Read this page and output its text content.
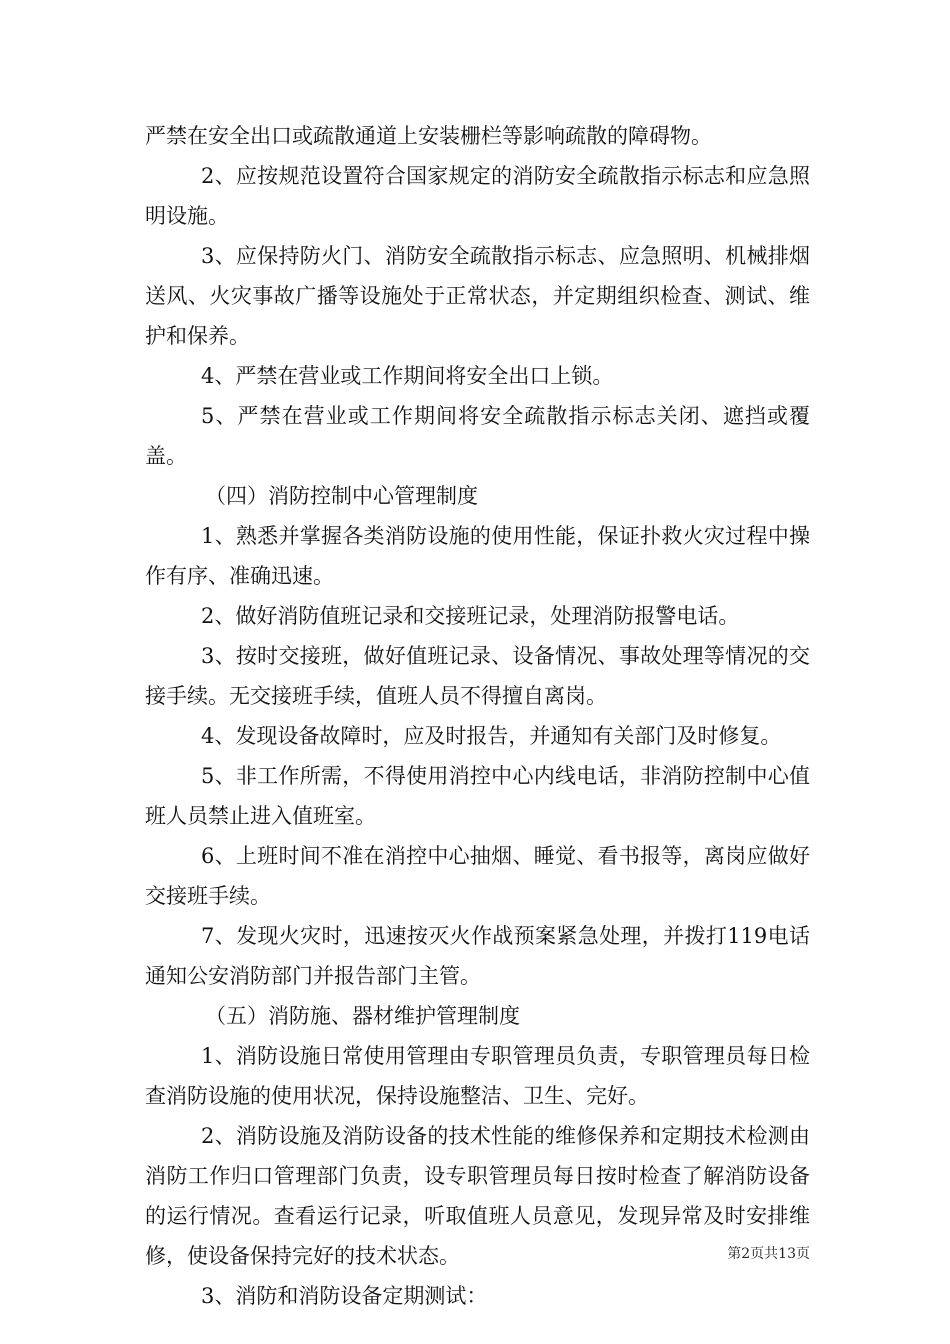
严禁在安全出口或疏散通道上安装栅栏等影响疏散的障碍物。

2、应按规范设置符合国家规定的消防安全疏散指示标志和应急照明设施。

3、应保持防火门、消防安全疏散指示标志、应急照明、机械排烟送风、火灾事故广播等设施处于正常状态，并定期组织检查、测试、维护和保养。

4、严禁在营业或工作期间将安全出口上锁。

5、严禁在营业或工作期间将安全疏散指示标志关闭、遮挡或覆盖。

（四）消防控制中心管理制度

1、熟悉并掌握各类消防设施的使用性能，保证扑救火灾过程中操作有序、准确迅速。

2、做好消防值班记录和交接班记录，处理消防报警电话。

3、按时交接班，做好值班记录、设备情况、事故处理等情况的交接手续。无交接班手续，值班人员不得擅自离岗。

4、发现设备故障时，应及时报告，并通知有关部门及时修复。

5、非工作所需，不得使用消控中心内线电话，非消防控制中心值班人员禁止进入值班室。

6、上班时间不准在消控中心抽烟、睡觉、看书报等，离岗应做好交接班手续。

7、发现火灾时，迅速按灭火作战预案紧急处理，并拨打119电话通知公安消防部门并报告部门主管。

（五）消防施、器材维护管理制度

1、消防设施日常使用管理由专职管理员负责，专职管理员每日检查消防设施的使用状况，保持设施整洁、卫生、完好。

2、消防设施及消防设备的技术性能的维修保养和定期技术检测由消防工作归口管理部门负责，设专职管理员每日按时检查了解消防设备的运行情况。查看运行记录，听取值班人员意见，发现异常及时安排维修，使设备保持完好的技术状态。

3、消防和消防设备定期测试：

第2页共13页
